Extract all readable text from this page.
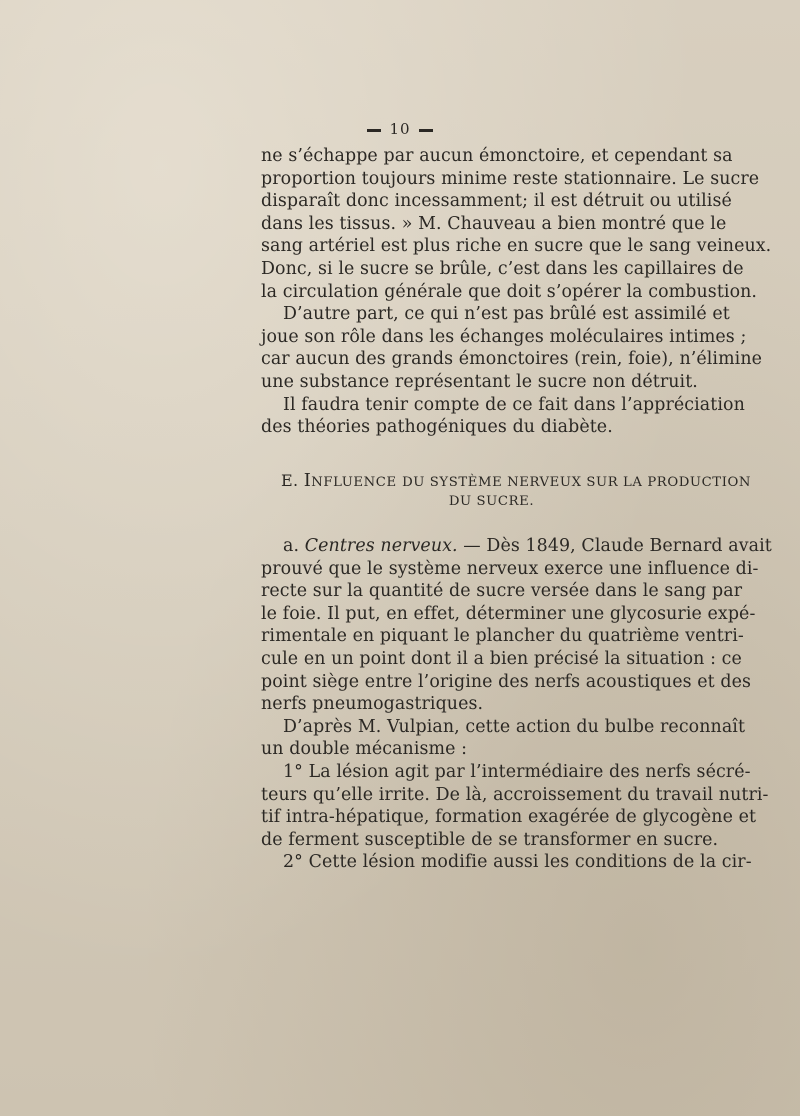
10
ne s’échappe par aucun émonctoire, et cependant sa
proportion toujours minime reste stationnaire. Le sucre
disparaît donc incessamment; il est détruit ou utilisé
dans les tissus. » M. Chauveau a bien montré que le
sang artériel est plus riche en sucre que le sang veineux.
Donc, si le sucre se brûle, c’est dans les capillaires de
la circulation générale que doit s’opérer la combustion.
D’autre part, ce qui n’est pas brûlé est assimilé et
joue son rôle dans les échanges moléculaires intimes ;
car aucun des grands émonctoires (rein, foie), n’élimine
une substance représentant le sucre non détruit.
Il faudra tenir compte de ce fait dans l’appréciation
des théories pathogéniques du diabète.
E. INFLUENCE DU SYSTÈME NERVEUX SUR LA PRODUCTION
DU SUCRE.
a. Centres nerveux. — Dès 1849, Claude Bernard avait
prouvé que le système nerveux exerce une influence di-
recte sur la quantité de sucre versée dans le sang par
le foie. Il put, en effet, déterminer une glycosurie expé-
rimentale en piquant le plancher du quatrième ventri-
cule en un point dont il a bien précisé la situation : ce
point siège entre l’origine des nerfs acoustiques et des
nerfs pneumogastriques.
D’après M. Vulpian, cette action du bulbe reconnaît
un double mécanisme :
1° La lésion agit par l’intermédiaire des nerfs sécré-
teurs qu’elle irrite. De là, accroissement du travail nutri-
tif intra-hépatique, formation exagérée de glycogène et
de ferment susceptible de se transformer en sucre.
2° Cette lésion modifie aussi les conditions de la cir-
